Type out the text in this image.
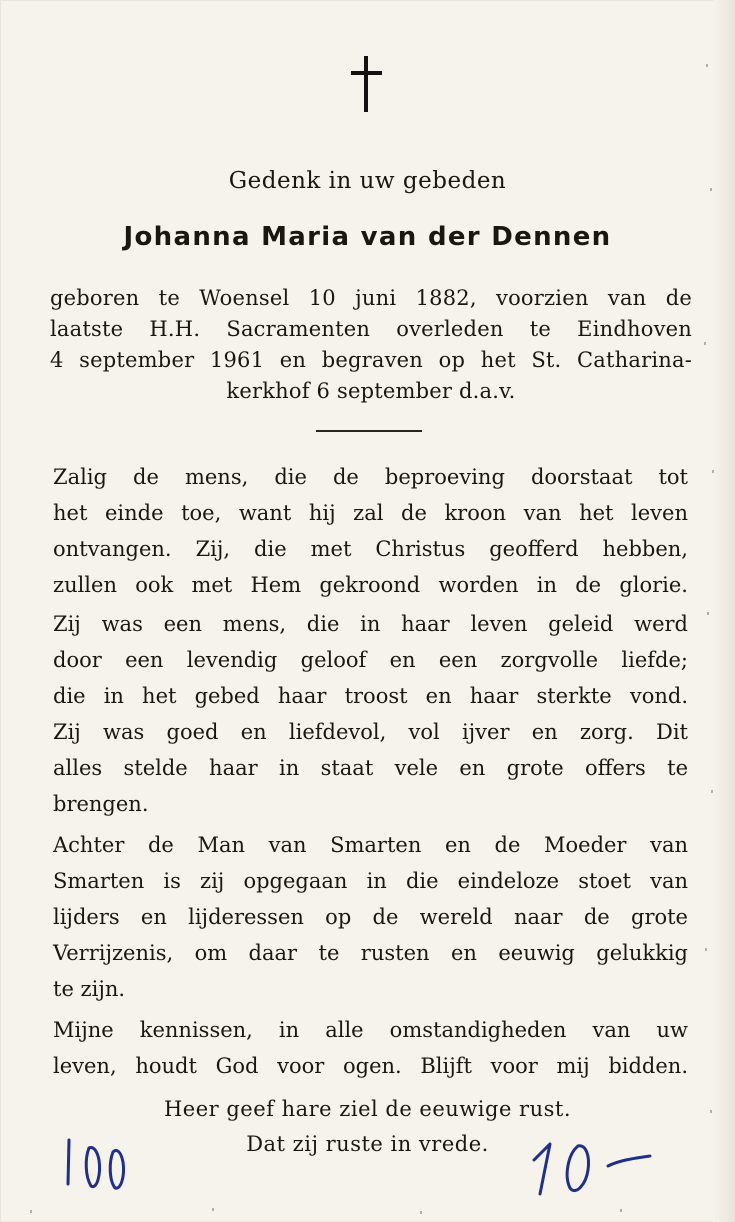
Gedenk in uw gebeden
Johanna Maria van der Dennen
geboren te Woensel 10 juni 1882, voorzien van de
laatste H.H. Sacramenten overleden te Eindhoven
4 september 1961 en begraven op het St. Catharina-
kerkhof 6 september d.a.v.
Zalig de mens, die de beproeving doorstaat tot
het einde toe, want hij zal de kroon van het leven
ontvangen. Zij, die met Christus geofferd hebben,
zullen ook met Hem gekroond worden in de glorie.
Zij was een mens, die in haar leven geleid werd
door een levendig geloof en een zorgvolle liefde;
die in het gebed haar troost en haar sterkte vond.
Zij was goed en liefdevol, vol ijver en zorg. Dit
alles stelde haar in staat vele en grote offers te
brengen.
Achter de Man van Smarten en de Moeder van
Smarten is zij opgegaan in die eindeloze stoet van
lijders en lijderessen op de wereld naar de grote
Verrijzenis, om daar te rusten en eeuwig gelukkig
te zijn.
Mijne kennissen, in alle omstandigheden van uw
leven, houdt God voor ogen. Blijft voor mij bidden.
Heer geef hare ziel de eeuwige rust.
Dat zij ruste in vrede.
